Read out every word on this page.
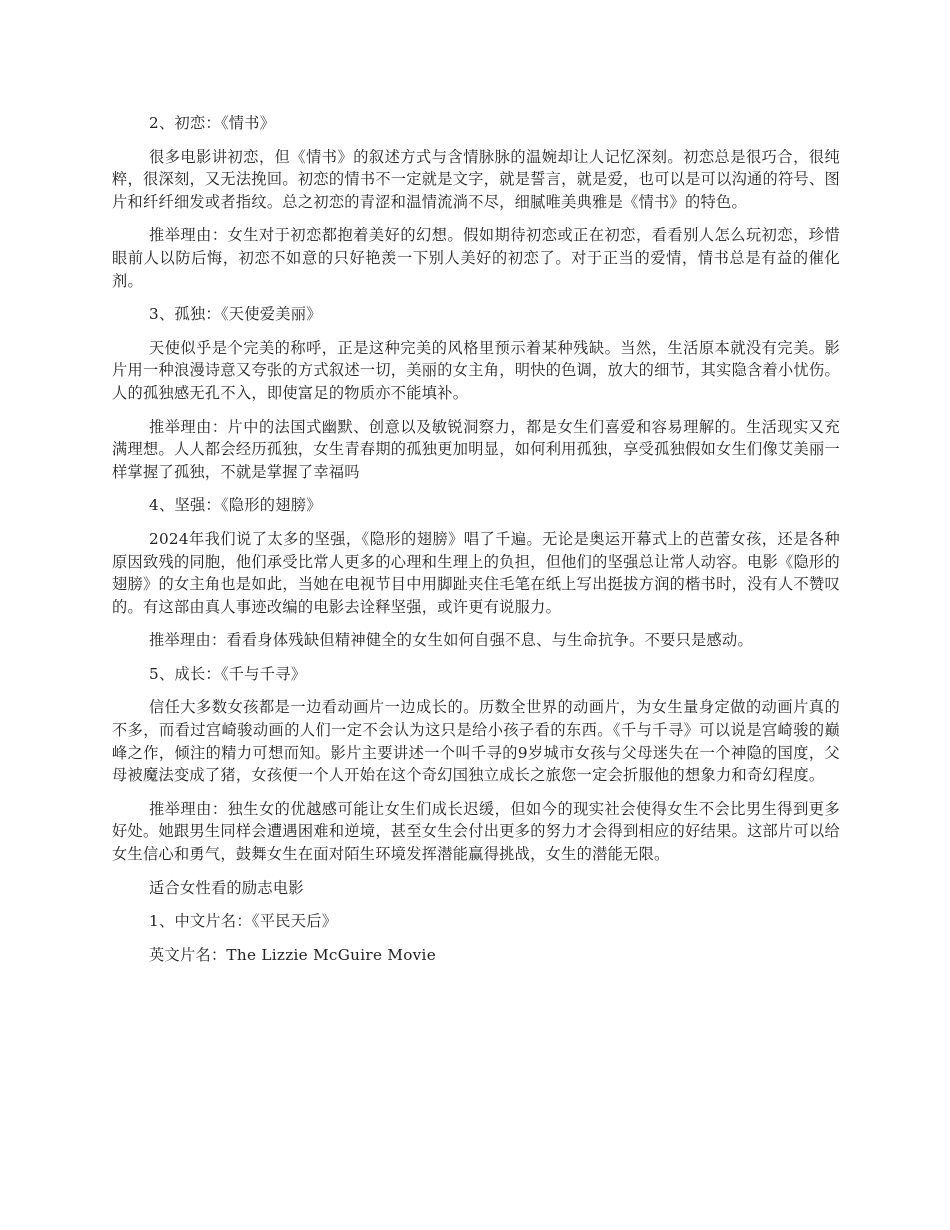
2、初恋：《情书》

很多电影讲初恋，但《情书》的叙述方式与含情脉脉的温婉却让人记忆深刻。初恋总是很巧合，很纯粹，很深刻，又无法挽回。初恋的情书不一定就是文字，就是誓言，就是爱，也可以是可以沟通的符号、图片和纤纤细发或者指纹。总之初恋的青涩和温情流淌不尽，细腻唯美典雅是《情书》的特色。

推举理由：女生对于初恋都抱着美好的幻想。假如期待初恋或正在初恋，看看别人怎么玩初恋，珍惜眼前人以防后悔，初恋不如意的只好艳羡一下别人美好的初恋了。对于正当的爱情，情书总是有益的催化剂。

3、孤独：《天使爱美丽》

天使似乎是个完美的称呼，正是这种完美的风格里预示着某种残缺。当然，生活原本就没有完美。影片用一种浪漫诗意又夸张的方式叙述一切，美丽的女主角，明快的色调，放大的细节，其实隐含着小忧伤。人的孤独感无孔不入，即使富足的物质亦不能填补。

推举理由：片中的法国式幽默、创意以及敏锐洞察力，都是女生们喜爱和容易理解的。生活现实又充满理想。人人都会经历孤独，女生青春期的孤独更加明显，如何利用孤独，享受孤独假如女生们像艾美丽一样掌握了孤独，不就是掌握了幸福吗

4、坚强：《隐形的翅膀》

2024年我们说了太多的坚强，《隐形的翅膀》唱了千遍。无论是奥运开幕式上的芭蕾女孩，还是各种原因致残的同胞，他们承受比常人更多的心理和生理上的负担，但他们的坚强总让常人动容。电影《隐形的翅膀》的女主角也是如此，当她在电视节目中用脚趾夹住毛笔在纸上写出挺拔方润的楷书时，没有人不赞叹的。有这部由真人事迹改编的电影去诠释坚强，或许更有说服力。

推举理由：看看身体残缺但精神健全的女生如何自强不息、与生命抗争。不要只是感动。

5、成长：《千与千寻》

信任大多数女孩都是一边看动画片一边成长的。历数全世界的动画片，为女生量身定做的动画片真的不多，而看过宫崎骏动画的人们一定不会认为这只是给小孩子看的东西。《千与千寻》可以说是宫崎骏的巅峰之作，倾注的精力可想而知。影片主要讲述一个叫千寻的9岁城市女孩与父母迷失在一个神隐的国度，父母被魔法变成了猪，女孩便一个人开始在这个奇幻国独立成长之旅您一定会折服他的想象力和奇幻程度。

推举理由：独生女的优越感可能让女生们成长迟缓，但如今的现实社会使得女生不会比男生得到更多好处。她跟男生同样会遭遇困难和逆境，甚至女生会付出更多的努力才会得到相应的好结果。这部片可以给女生信心和勇气，鼓舞女生在面对陌生环境发挥潜能赢得挑战，女生的潜能无限。

适合女性看的励志电影

1、中文片名：《平民天后》

英文片名：The Lizzie McGuire Movie
